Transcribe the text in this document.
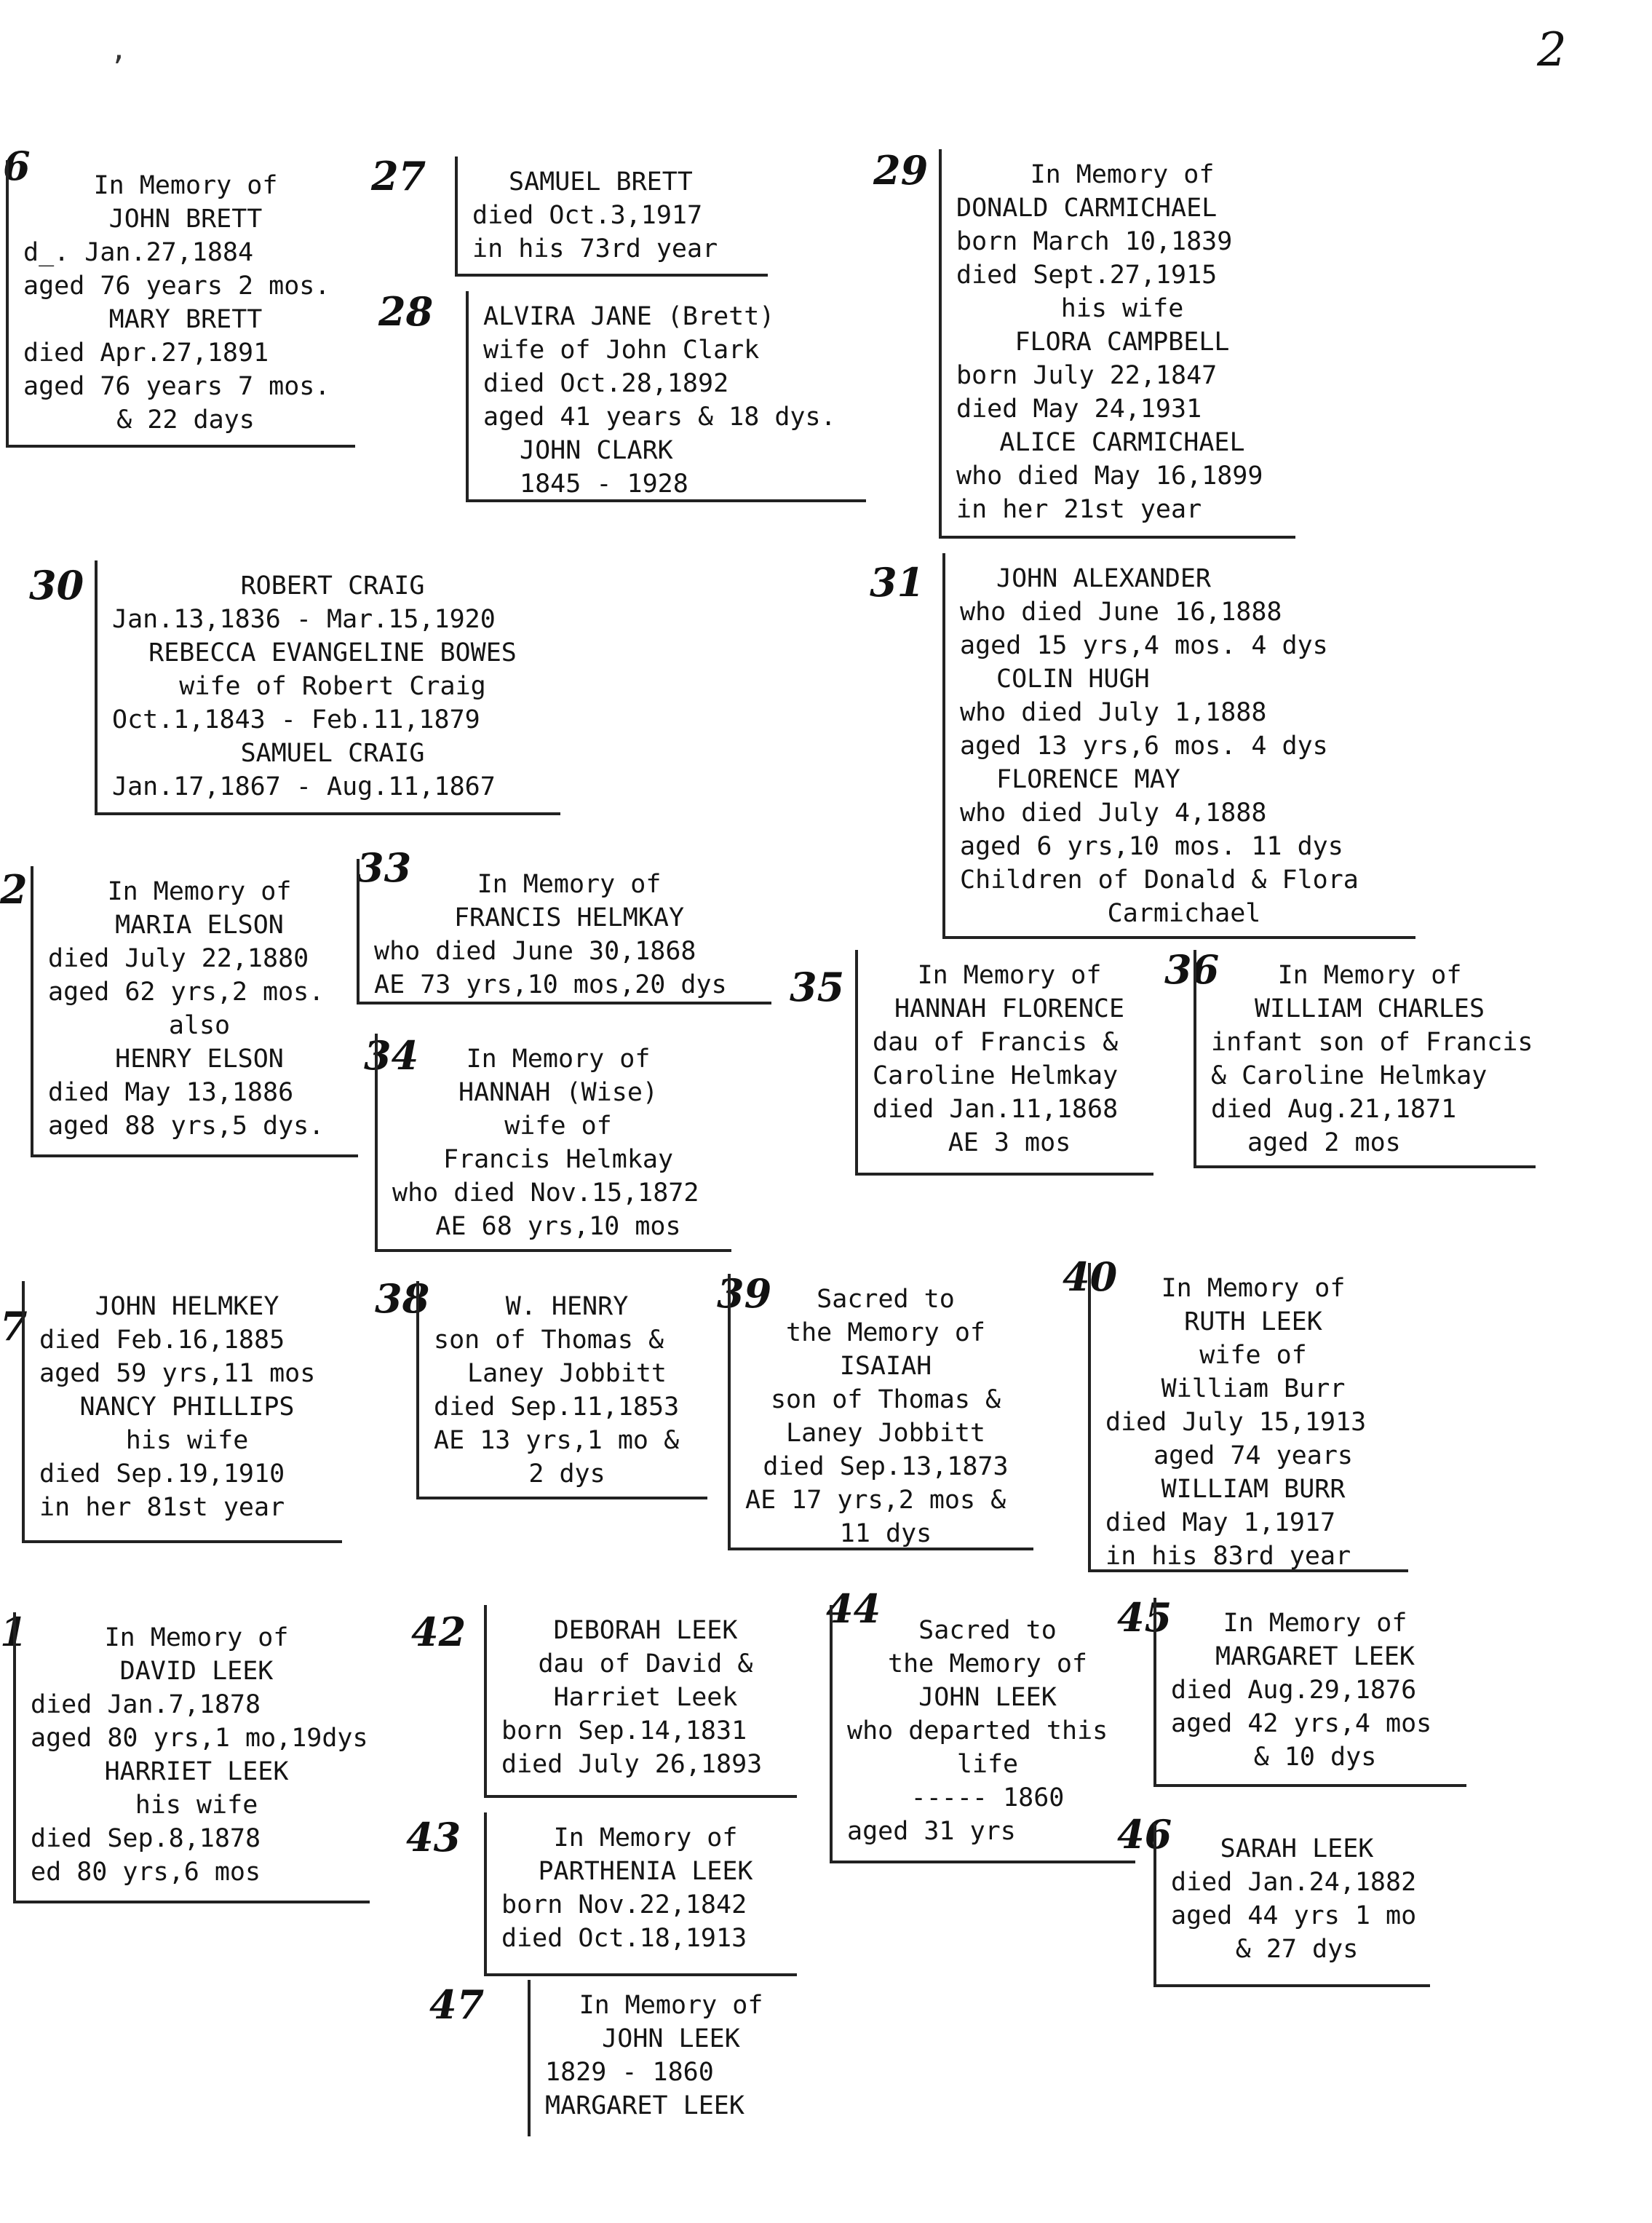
2
ʼ
6	In Memory of
JOHN BRETT
d_. Jan.27,1884
aged 76 years 2 mos.
MARY BRETT
died Apr.27,1891
aged 76 years 7 mos.
& 22 days
27	SAMUEL BRETT
died Oct.3,1917
in his 73rd year
28 ALVIRA JANE (Brett)
wife of John Clark
died Oct.28,1892
aged 41 years & 18 dys.
JOHN CLARK
1845 - 1928
29	In Memory of
DONALD CARMICHAEL
born March 10,1839
died Sept.27,1915
his wife
FLORA CAMPBELL
born July 22,1847
died May 24,1931
ALICE CARMICHAEL
who died May 16,1899
in her 21st year
30	ROBERT CRAIG
Jan.13,1836 - Mar.15,1920
REBECCA EVANGELINE BOWES
wife of Robert Craig
Oct.1,1843 - Feb.11,1879
SAMUEL CRAIG
Jan.17,1867 - Aug.11,1867
31	JOHN ALEXANDER
who died June 16,1888
aged 15 yrs,4 mos. 4 dys
COLIN HUGH
who died July 1,1888
aged 13 yrs,6 mos. 4 dys
FLORENCE MAY
who died July 4,1888
aged 6 yrs,10 mos. 11 dys
Children of Donald & Flora
Carmichael
2	In Memory of
MARIA ELSON
died July 22,1880
aged 62 yrs,2 mos.
also
HENRY ELSON
died May 13,1886
aged 88 yrs,5 dys.
33	In Memory of
FRANCIS HELMKAY
who died June 30,1868
AE 73 yrs,10 mos,20 dys
34	In Memory of
HANNAH (Wise)
wife of
Francis Helmkay
who died Nov.15,1872
AE 68 yrs,10 mos
35	In Memory of
HANNAH FLORENCE
dau of Francis &
Caroline Helmkay
died Jan.11,1868
AE 3 mos
36	In Memory of
WILLIAM CHARLES
infant son of Francis
& Caroline Helmkay
died Aug.21,1871
aged 2 mos
7	JOHN HELMKEY
died Feb.16,1885
aged 59 yrs,11 mos
NANCY PHILLIPS
his wife
died Sep.19,1910
in her 81st year
38	W. HENRY
son of Thomas &
Laney Jobbitt
died Sep.11,1853
AE 13 yrs,1 mo &
2 dys
39	Sacred to
the Memory of
ISAIAH
son of Thomas &
Laney Jobbitt
died Sep.13,1873
AE 17 yrs,2 mos &
11 dys
40	In Memory of
RUTH LEEK
wife of
William Burr
died July 15,1913
aged 74 years
WILLIAM BURR
died May 1,1917
in his 83rd year
1	In Memory of
DAVID LEEK
died Jan.7,1878
aged 80 yrs,1 mo,19dys
HARRIET LEEK
his wife
died Sep.8,1878
ed 80 yrs,6 mos
42	DEBORAH LEEK
dau of David &
Harriet Leek
born Sep.14,1831
died July 26,1893
43	In Memory of
PARTHENIA LEEK
born Nov.22,1842
died Oct.18,1913
44	Sacred to
the Memory of
JOHN LEEK
who departed this
life
----- 1860
aged 31 yrs
45	In Memory of
MARGARET LEEK
died Aug.29,1876
aged 42 yrs,4 mos
& 10 dys
46	SARAH LEEK
died Jan.24,1882
aged 44 yrs 1 mo
& 27 dys
47	In Memory of
JOHN LEEK
1829 - 1860
MARGARET LEEK
